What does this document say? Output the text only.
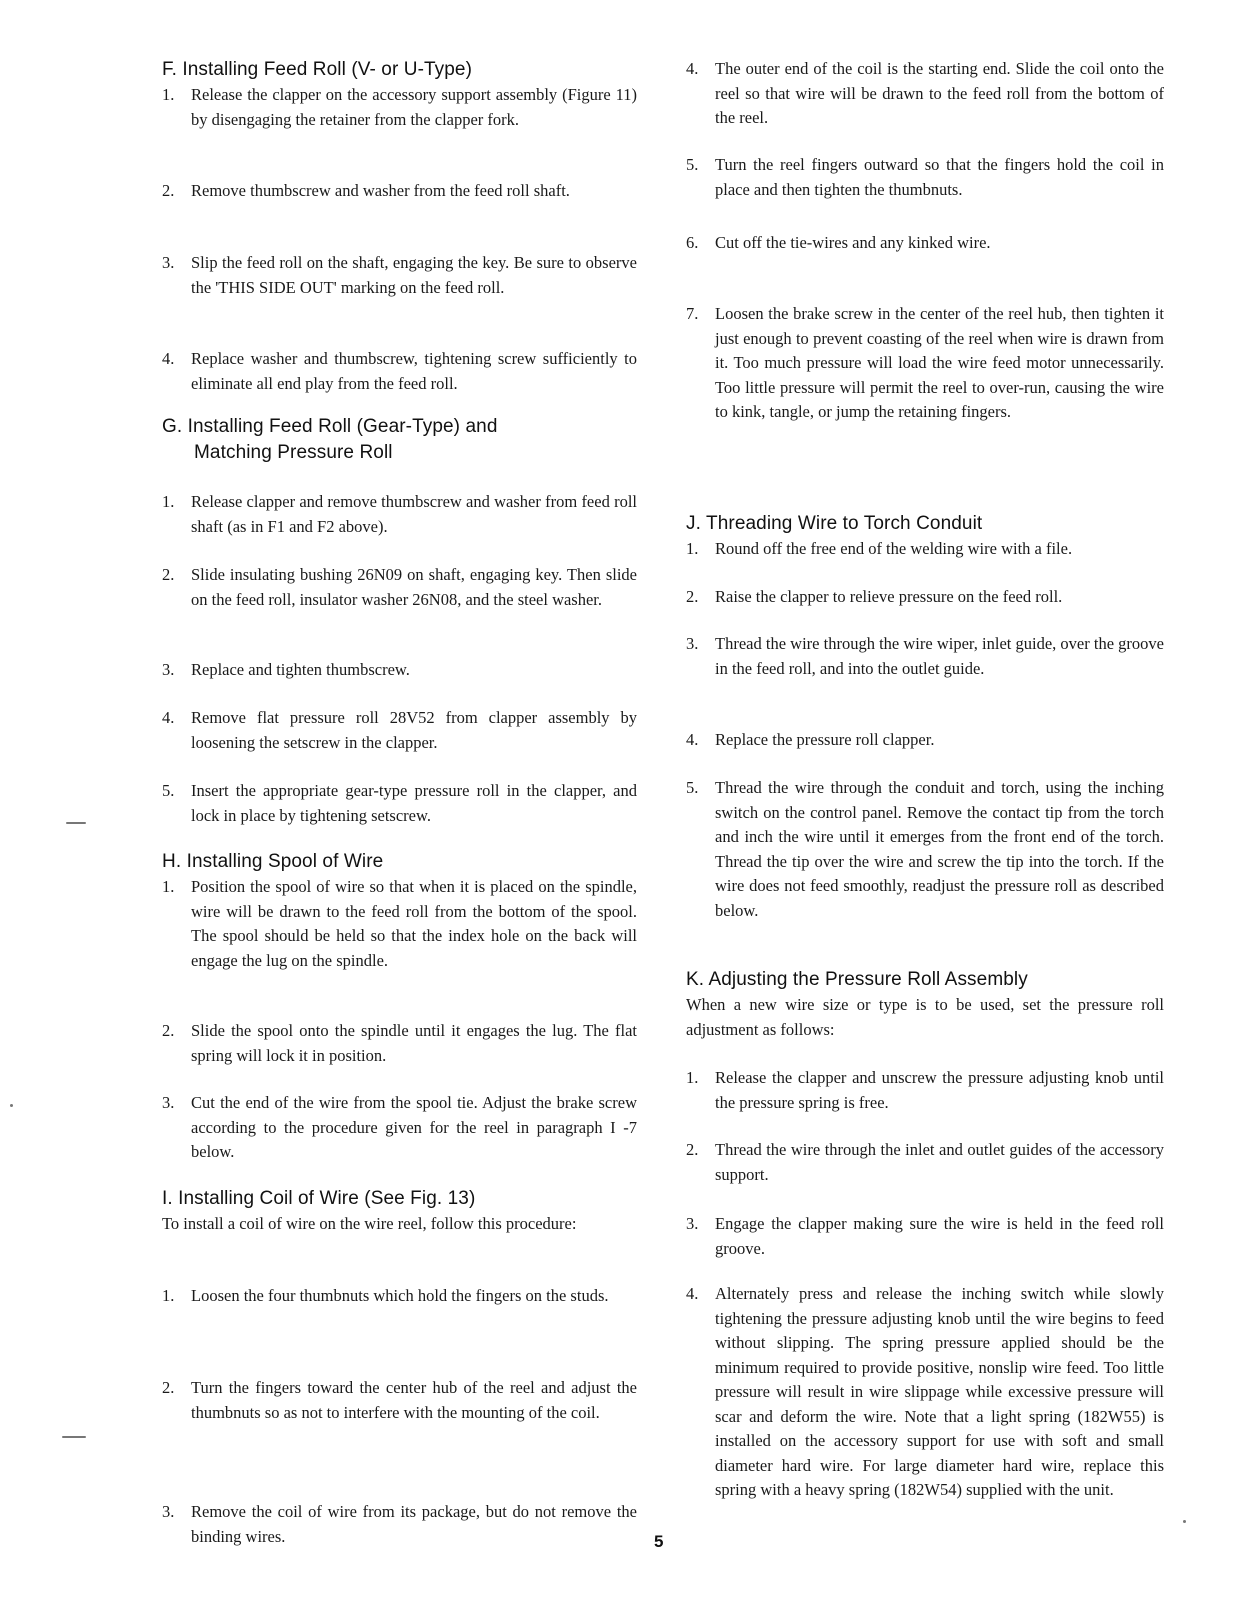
F. Installing Feed Roll (V- or U-Type)
1.	Release the clapper on the accessory support assembly (Figure 11) by disengaging the retainer from the clapper fork.
2.	Remove thumbscrew and washer from the feed roll shaft.
3.	Slip the feed roll on the shaft, engaging the key. Be sure to observe the 'THIS SIDE OUT' marking on the feed roll.
4.	Replace washer and thumbscrew, tightening screw sufficiently to eliminate all end play from the feed roll.
G. Installing Feed Roll (Gear-Type) and
Matching Pressure Roll
1.	Release clapper and remove thumbscrew and washer from feed roll shaft (as in F1 and F2 above).
2.	Slide insulating bushing 26N09 on shaft, engaging key. Then slide on the feed roll, insulator washer 26N08, and the steel washer.
3.	Replace and tighten thumbscrew.
4.	Remove flat pressure roll 28V52 from clapper assembly by loosening the setscrew in the clapper.
5.	Insert the appropriate gear-type pressure roll in the clapper, and lock in place by tightening setscrew.
H. Installing Spool of Wire
1.	Position the spool of wire so that when it is placed on the spindle, wire will be drawn to the feed roll from the bottom of the spool. The spool should be held so that the index hole on the back will engage the lug on the spindle.
2.	Slide the spool onto the spindle until it engages the lug. The flat spring will lock it in position.
3.	Cut the end of the wire from the spool tie. Adjust the brake screw according to the procedure given for the reel in paragraph I -7 below.
I. Installing Coil of Wire (See Fig. 13)
To install a coil of wire on the wire reel, follow this procedure:
1.	Loosen the four thumbnuts which hold the fingers on the studs.
2.	Turn the fingers toward the center hub of the reel and adjust the thumbnuts so as not to interfere with the mounting of the coil.
3.	Remove the coil of wire from its package, but do not remove the binding wires.
4.	The outer end of the coil is the starting end. Slide the coil onto the reel so that wire will be drawn to the feed roll from the bottom of the reel.
5.	Turn the reel fingers outward so that the fingers hold the coil in place and then tighten the thumbnuts.
6.	Cut off the tie-wires and any kinked wire.
7.	Loosen the brake screw in the center of the reel hub, then tighten it just enough to prevent coasting of the reel when wire is drawn from it. Too much pressure will load the wire feed motor unnecessarily. Too little pressure will permit the reel to over-run, causing the wire to kink, tangle, or jump the retaining fingers.
J. Threading Wire to Torch Conduit
1.	Round off the free end of the welding wire with a file.
2.	Raise the clapper to relieve pressure on the feed roll.
3.	Thread the wire through the wire wiper, inlet guide, over the groove in the feed roll, and into the outlet guide.
4.	Replace the pressure roll clapper.
5.	Thread the wire through the conduit and torch, using the inching switch on the control panel. Remove the contact tip from the torch and inch the wire until it emerges from the front end of the torch. Thread the tip over the wire and screw the tip into the torch. If the wire does not feed smoothly, readjust the pressure roll as described below.
K. Adjusting the Pressure Roll Assembly
When a new wire size or type is to be used, set the pressure roll adjustment as follows:
1.	Release the clapper and unscrew the pressure adjusting knob until the pressure spring is free.
2.	Thread the wire through the inlet and outlet guides of the accessory support.
3.	Engage the clapper making sure the wire is held in the feed roll groove.
4.	Alternately press and release the inching switch while slowly tightening the pressure adjusting knob until the wire begins to feed without slipping. The spring pressure applied should be the minimum required to provide positive, nonslip wire feed. Too little pressure will result in wire slippage while excessive pressure will scar and deform the wire. Note that a light spring (182W55) is installed on the accessory support for use with soft and small diameter hard wire. For large diameter hard wire, replace this spring with a heavy spring (182W54) supplied with the unit.
5
